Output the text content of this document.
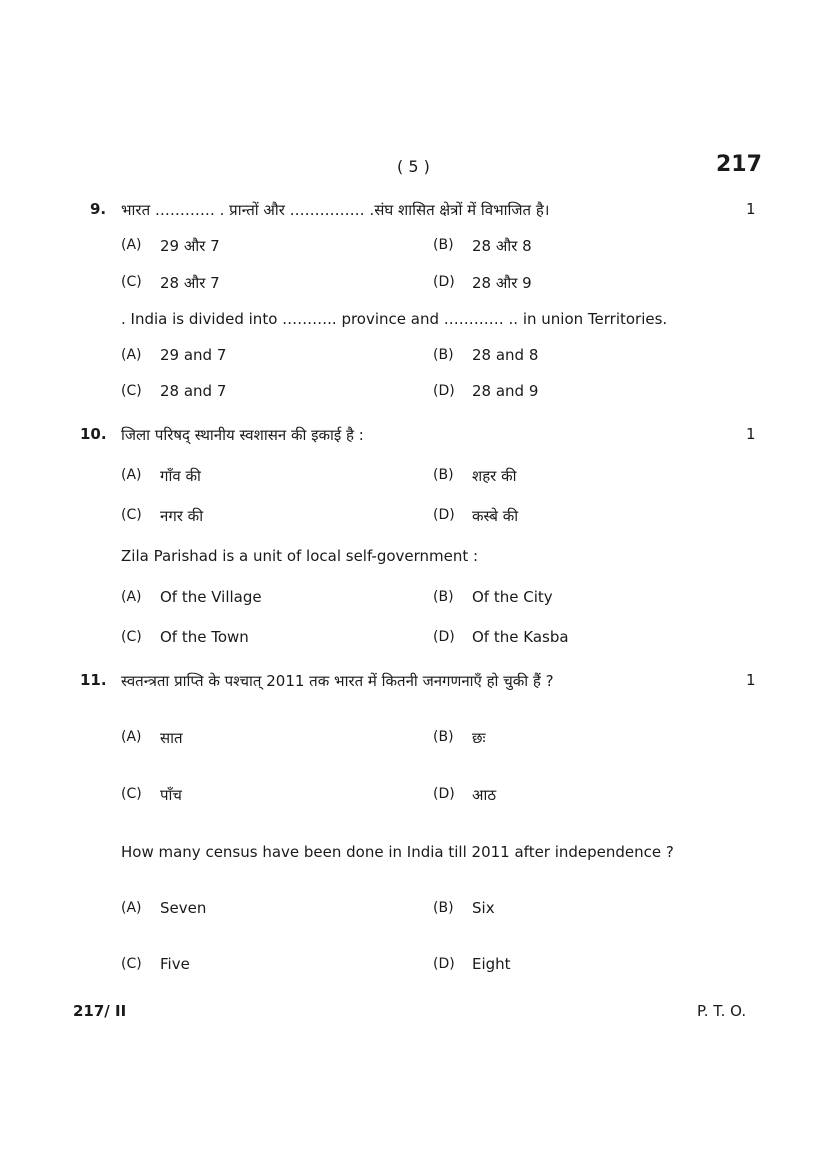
( 5 )	217
9. भारत ………… . प्रान्तों और …………… .संघ शासित क्षेत्रों में विभाजित है।	1
(A) 29 और 7	(B) 28 और 8
(C) 28 और 7	(D) 28 और 9
. India is divided into ……….. province and ………… .. in union Territories.
(A) 29 and 7	(B) 28 and 8
(C) 28 and 7	(D) 28 and 9
10. जिला परिषद् स्थानीय स्वशासन की इकाई है :	1
(A) गाँव की	(B) शहर की
(C) नगर की	(D) कस्बे की
Zila Parishad is a unit of local self-government :
(A) Of the Village	(B) Of the City
(C) Of the Town	(D) Of the Kasba
11. स्वतन्त्रता प्राप्ति के पश्चात् 2011 तक भारत में कितनी जनगणनाएँ हो चुकी हैं ?	1
(A) सात	(B) छः
(C) पाँच	(D) आठ
How many census have been done in India till 2011 after independence ?
(A) Seven	(B) Six
(C) Five	(D) Eight
217/ II	P. T. O.
